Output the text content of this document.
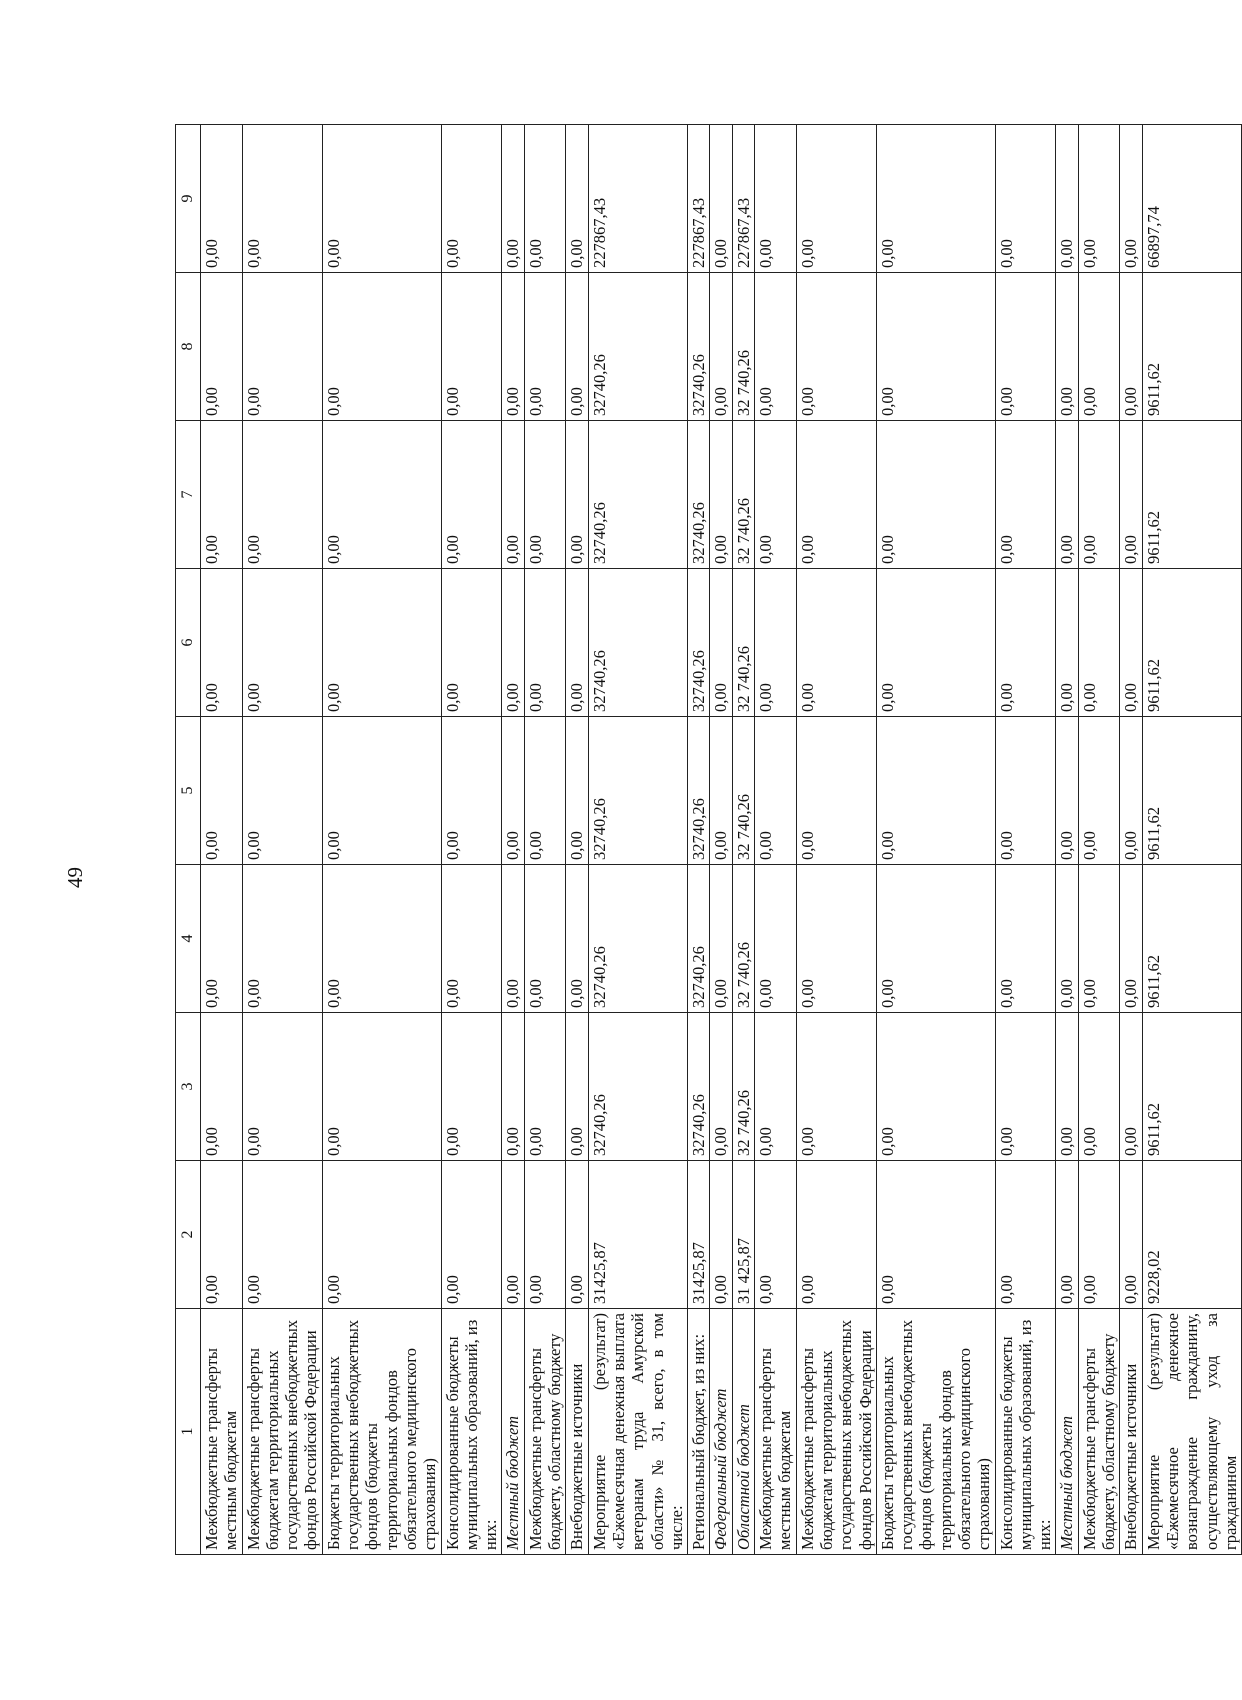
49
1	2	3	4	5	6	7	8	9
Межбюджетные трансферты местным бюджетам	0,00	0,00	0,00	0,00	0,00	0,00	0,00	0,00
Межбюджетные трансферты бюджетам территориальных государственных внебюджетных фондов Российской Федерации	0,00	0,00	0,00	0,00	0,00	0,00	0,00	0,00
Бюджеты территориальных государственных внебюджетных фондов (бюджеты территориальных фондов обязательного медицинского страхования)	0,00	0,00	0,00	0,00	0,00	0,00	0,00	0,00
Консолидированные бюджеты муниципальных образований, из них:	0,00	0,00	0,00	0,00	0,00	0,00	0,00	0,00
Местный бюджет	0,00	0,00	0,00	0,00	0,00	0,00	0,00	0,00
Межбюджетные трансферты бюджету, областному бюджету	0,00	0,00	0,00	0,00	0,00	0,00	0,00	0,00
Внебюджетные источники	0,00	0,00	0,00	0,00	0,00	0,00	0,00	0,00
Мероприятие (результат) «Ежемесячная денежная выплата ветеранам труда Амурской области» № 31, всего, в том числе:	31425,87	32740,26	32740,26	32740,26	32740,26	32740,26	32740,26	227867,43
Региональный бюджет, из них:	31425,87	32740,26	32740,26	32740,26	32740,26	32740,26	32740,26	227867,43
Федеральный бюджет	0,00	0,00	0,00	0,00	0,00	0,00	0,00	0,00
Областной бюджет	31 425,87	32 740,26	32 740,26	32 740,26	32 740,26	32 740,26	32 740,26	227867,43
Межбюджетные трансферты местным бюджетам	0,00	0,00	0,00	0,00	0,00	0,00	0,00	0,00
Межбюджетные трансферты бюджетам территориальных государственных внебюджетных фондов Российской Федерации	0,00	0,00	0,00	0,00	0,00	0,00	0,00	0,00
Бюджеты территориальных государственных внебюджетных фондов (бюджеты территориальных фондов обязательного медицинского страхования)	0,00	0,00	0,00	0,00	0,00	0,00	0,00	0,00
Консолидированные бюджеты муниципальных образований, из них:	0,00	0,00	0,00	0,00	0,00	0,00	0,00	0,00
Местный бюджет	0,00	0,00	0,00	0,00	0,00	0,00	0,00	0,00
Межбюджетные трансферты бюджету, областному бюджету	0,00	0,00	0,00	0,00	0,00	0,00	0,00	0,00
Внебюджетные источники	0,00	0,00	0,00	0,00	0,00	0,00	0,00	0,00
Мероприятие (результат) «Ежемесячное денежное вознаграждение гражданину, осуществляющему уход за гражданином	9228,02	9611,62	9611,62	9611,62	9611,62	9611,62	9611,62	66897,74
